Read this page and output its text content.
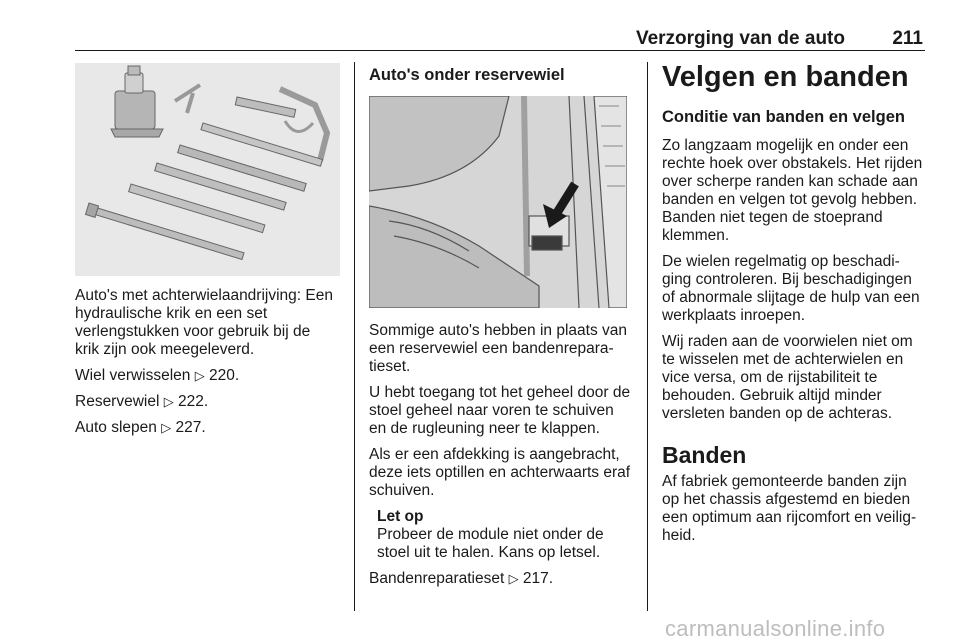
Verzorging van de auto 211

Auto's met achterwielaandrijving: Een hydraulische krik en een set verlengstukken voor gebruik bij de krik zijn ook meegeleverd.

Wiel verwisselen ▷ 220.

Reservewiel ▷ 222.

Auto slepen ▷ 227.

Auto's onder reservewiel

Sommige auto's hebben in plaats van een reservewiel een bandenrepara-tieset.

U hebt toegang tot het geheel door de stoel geheel naar voren te schuiven en de rugleuning neer te klappen.

Als er een afdekking is aangebracht, deze iets optillen en achterwaarts eraf schuiven.

Let op
Probeer de module niet onder de stoel uit te halen. Kans op letsel.

Bandenreparatieset ▷ 217.

Velgen en banden
Conditie van banden en velgen

Zo langzaam mogelijk en onder een rechte hoek over obstakels. Het rijden over scherpe randen kan schade aan banden en velgen tot gevolg hebben. Banden niet tegen de stoeprand klemmen.

De wielen regelmatig op beschadi-ging controleren. Bij beschadigingen of abnormale slijtage de hulp van een werkplaats inroepen.

Wij raden aan de voorwielen niet om te wisselen met de achterwielen en vice versa, om de rijstabiliteit te behouden. Gebruik altijd minder versleten banden op de achteras.

Banden

Af fabriek gemonteerde banden zijn op het chassis afgestemd en bieden een optimum aan rijcomfort en veilig-heid.

carmanualsonline.info
